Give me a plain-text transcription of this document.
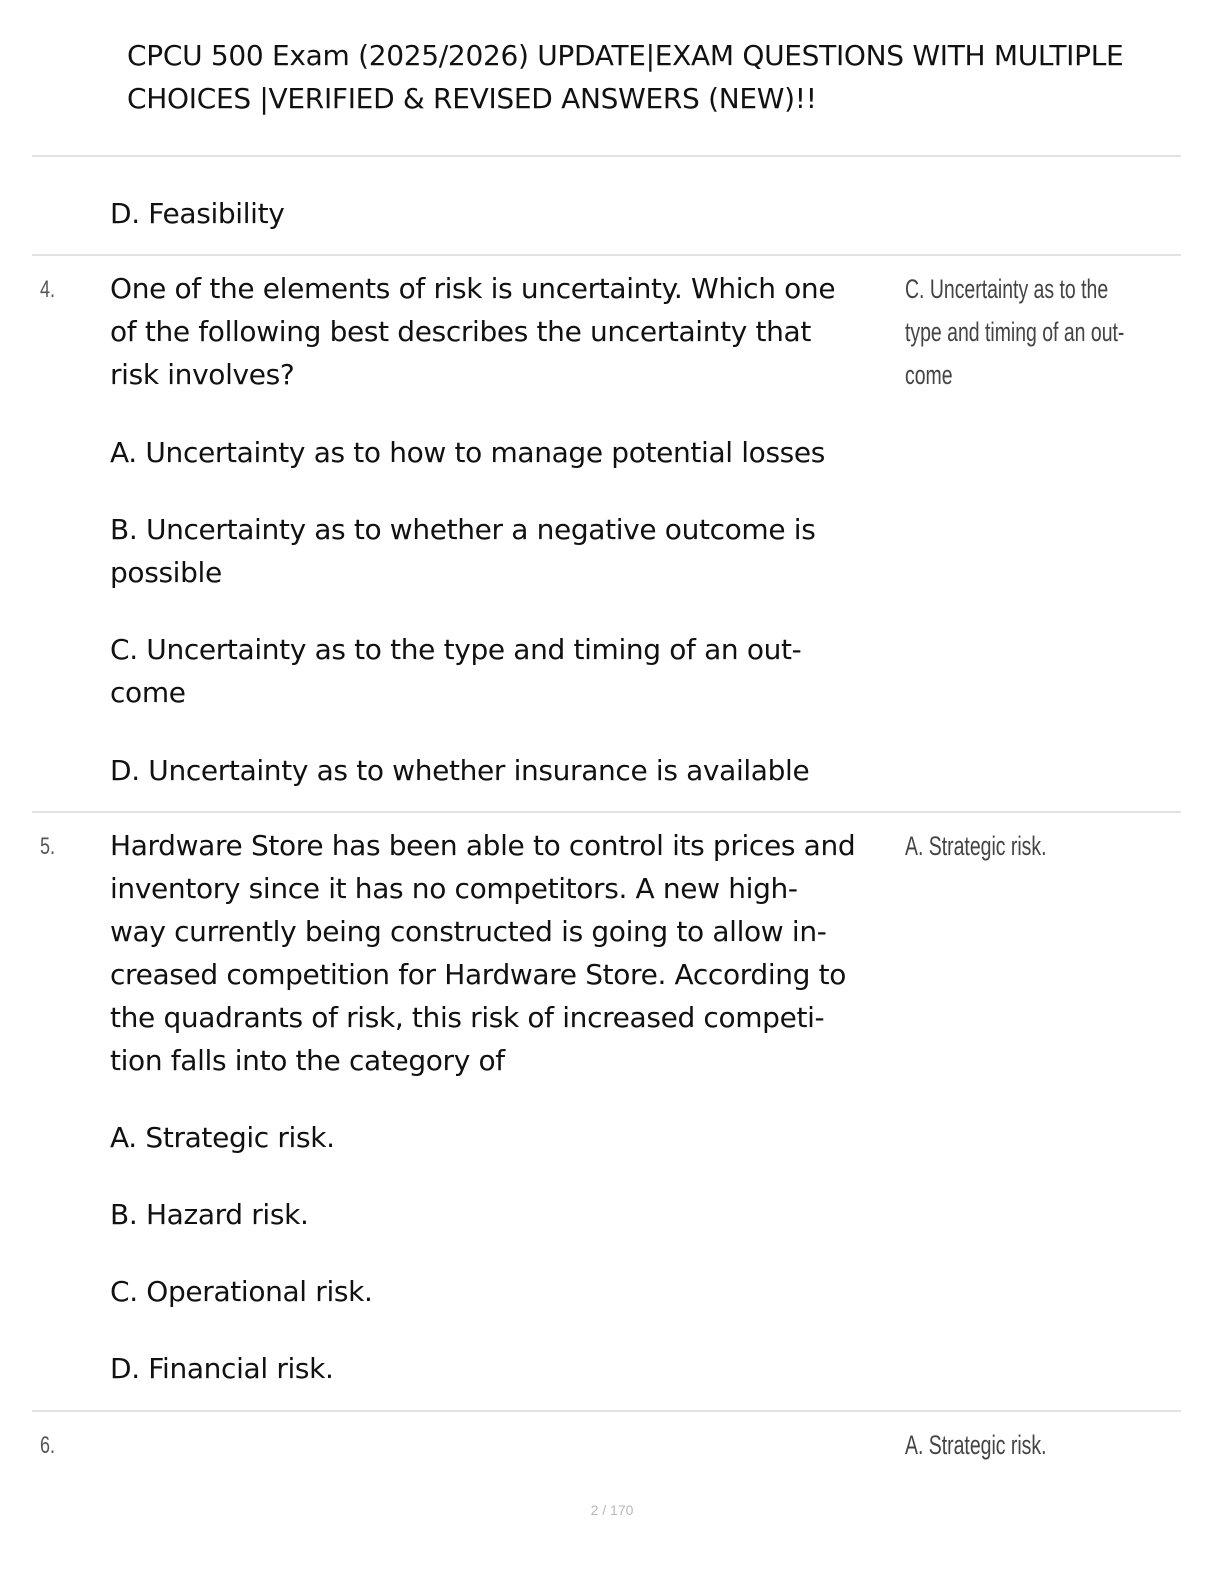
CPCU 500 Exam (2025/2026) UPDATE|EXAM QUESTIONS WITH MULTIPLE
CHOICES |VERIFIED & REVISED ANSWERS (NEW)!!
D. Feasibility
4. One of the elements of risk is uncertainty. Which one
of the following best describes the uncertainty that
risk involves?
C. Uncertainty as to the
type and timing of an out-
come
A. Uncertainty as to how to manage potential losses
B. Uncertainty as to whether a negative outcome is
possible
C. Uncertainty as to the type and timing of an out-
come
D. Uncertainty as to whether insurance is available
5. Hardware Store has been able to control its prices and
inventory since it has no competitors. A new high-
way currently being constructed is going to allow in-
creased competition for Hardware Store. According to
the quadrants of risk, this risk of increased competi-
tion falls into the category of
A. Strategic risk.
A. Strategic risk.
B. Hazard risk.
C. Operational risk.
D. Financial risk.
6.	A. Strategic risk.
2 / 170
